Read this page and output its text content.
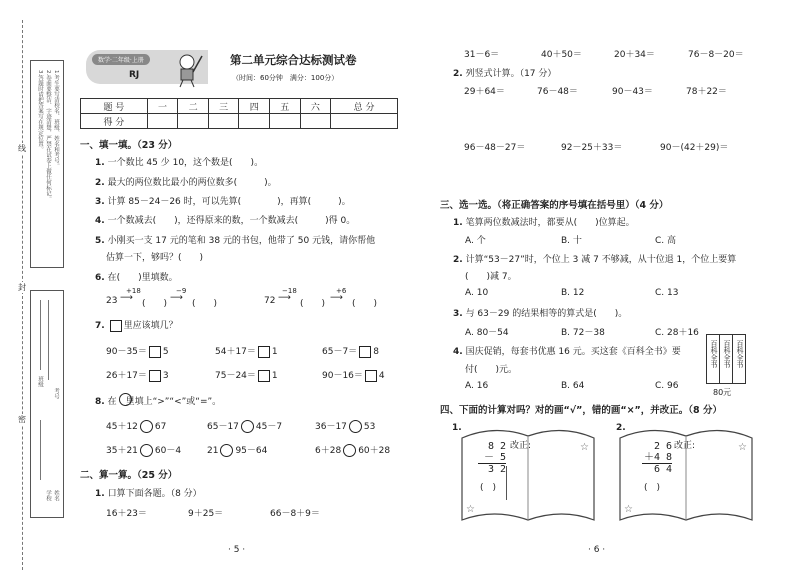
1.考生要写清校名、班级、姓名和考号。
2.卷面要整洁、字迹清楚，严禁在试卷上做任何标记。
3.答题时请把答案写在规定位置。
线
封
密
学校 姓名
班级
考号
数学·二年级·上册
RJ
第二单元综合达标测试卷
（时间：60分钟　满分：100分）
题 号	一	二	三	四	五	六	总 分
得 分							
一、填一填。（23 分）
1. 一个数比 45 少 10，这个数是(　　)。
2. 最大的两位数比最小的两位数多(　　　)。
3. 计算 85－24－26 时，可以先算(　　　　)，再算(　　　)。
4. 一个数减去(　　)，还得原来的数，一个数减去(　　　)得 0。
5. 小刚买一支 17 元的笔和 38 元的书包，他带了 50 元钱，请你帮他
估算一下，够吗？(　　)
6. 在(　　)里填数。
23
+18
⟶
(　　)
−9
⟶
(　　)	72
−18
⟶
(　　)
+6
⟶
(　　)
7. 里应该填几？
90－35＝ 5	54＋17＝ 1	65－7＝ 8
26＋17＝ 3	75－24＝ 1	90－16＝ 4
8. 在　里填上“>”“<”或“=”。
45＋12 67	65－17 45－7	36－17 53
35＋21 60－4	21 95－64	6＋28 60＋28
二、算一算。（25 分）
1. 口算下面各题。（8 分）
16＋23＝	9＋25＝	66－8＋9＝
· 5 ·
31－6＝	40＋50＝	20＋34＝	76－8－20＝
2. 列竖式计算。（17 分）
29＋64＝	76－48＝	90－43＝	78＋22＝
96－48－27＝	92－25＋33＝	90－(42＋29)＝
三、选一选。（将正确答案的序号填在括号里）（4 分）
1. 笔算两位数减法时，都要从(　　)位算起。
A. 个	B. 十	C. 高
2. 计算“53－27”时，个位上 3 减 7 不够减，从十位退 1，个位上要算
(　　)减 7。
A. 10	B. 12	C. 13
3. 与 63－29 的结果相等的算式是(　　)。
A. 80－54	B. 72－38	C. 28＋16
4. 国庆促销，每套书优惠 16 元。买这套《百科全书》要
付(　　)元。
A. 16	B. 64	C. 96
百科全书 百科全书 百科全书
80元
四、下面的计算对吗？对的画“√”，错的画“×”，并改正。（8 分）
☆
☆
☆
☆
1.
8 2
－ 5
3 2
改正:
(　)
2.
2 6
＋4 8
6 4
改正:
(　)
· 6 ·
